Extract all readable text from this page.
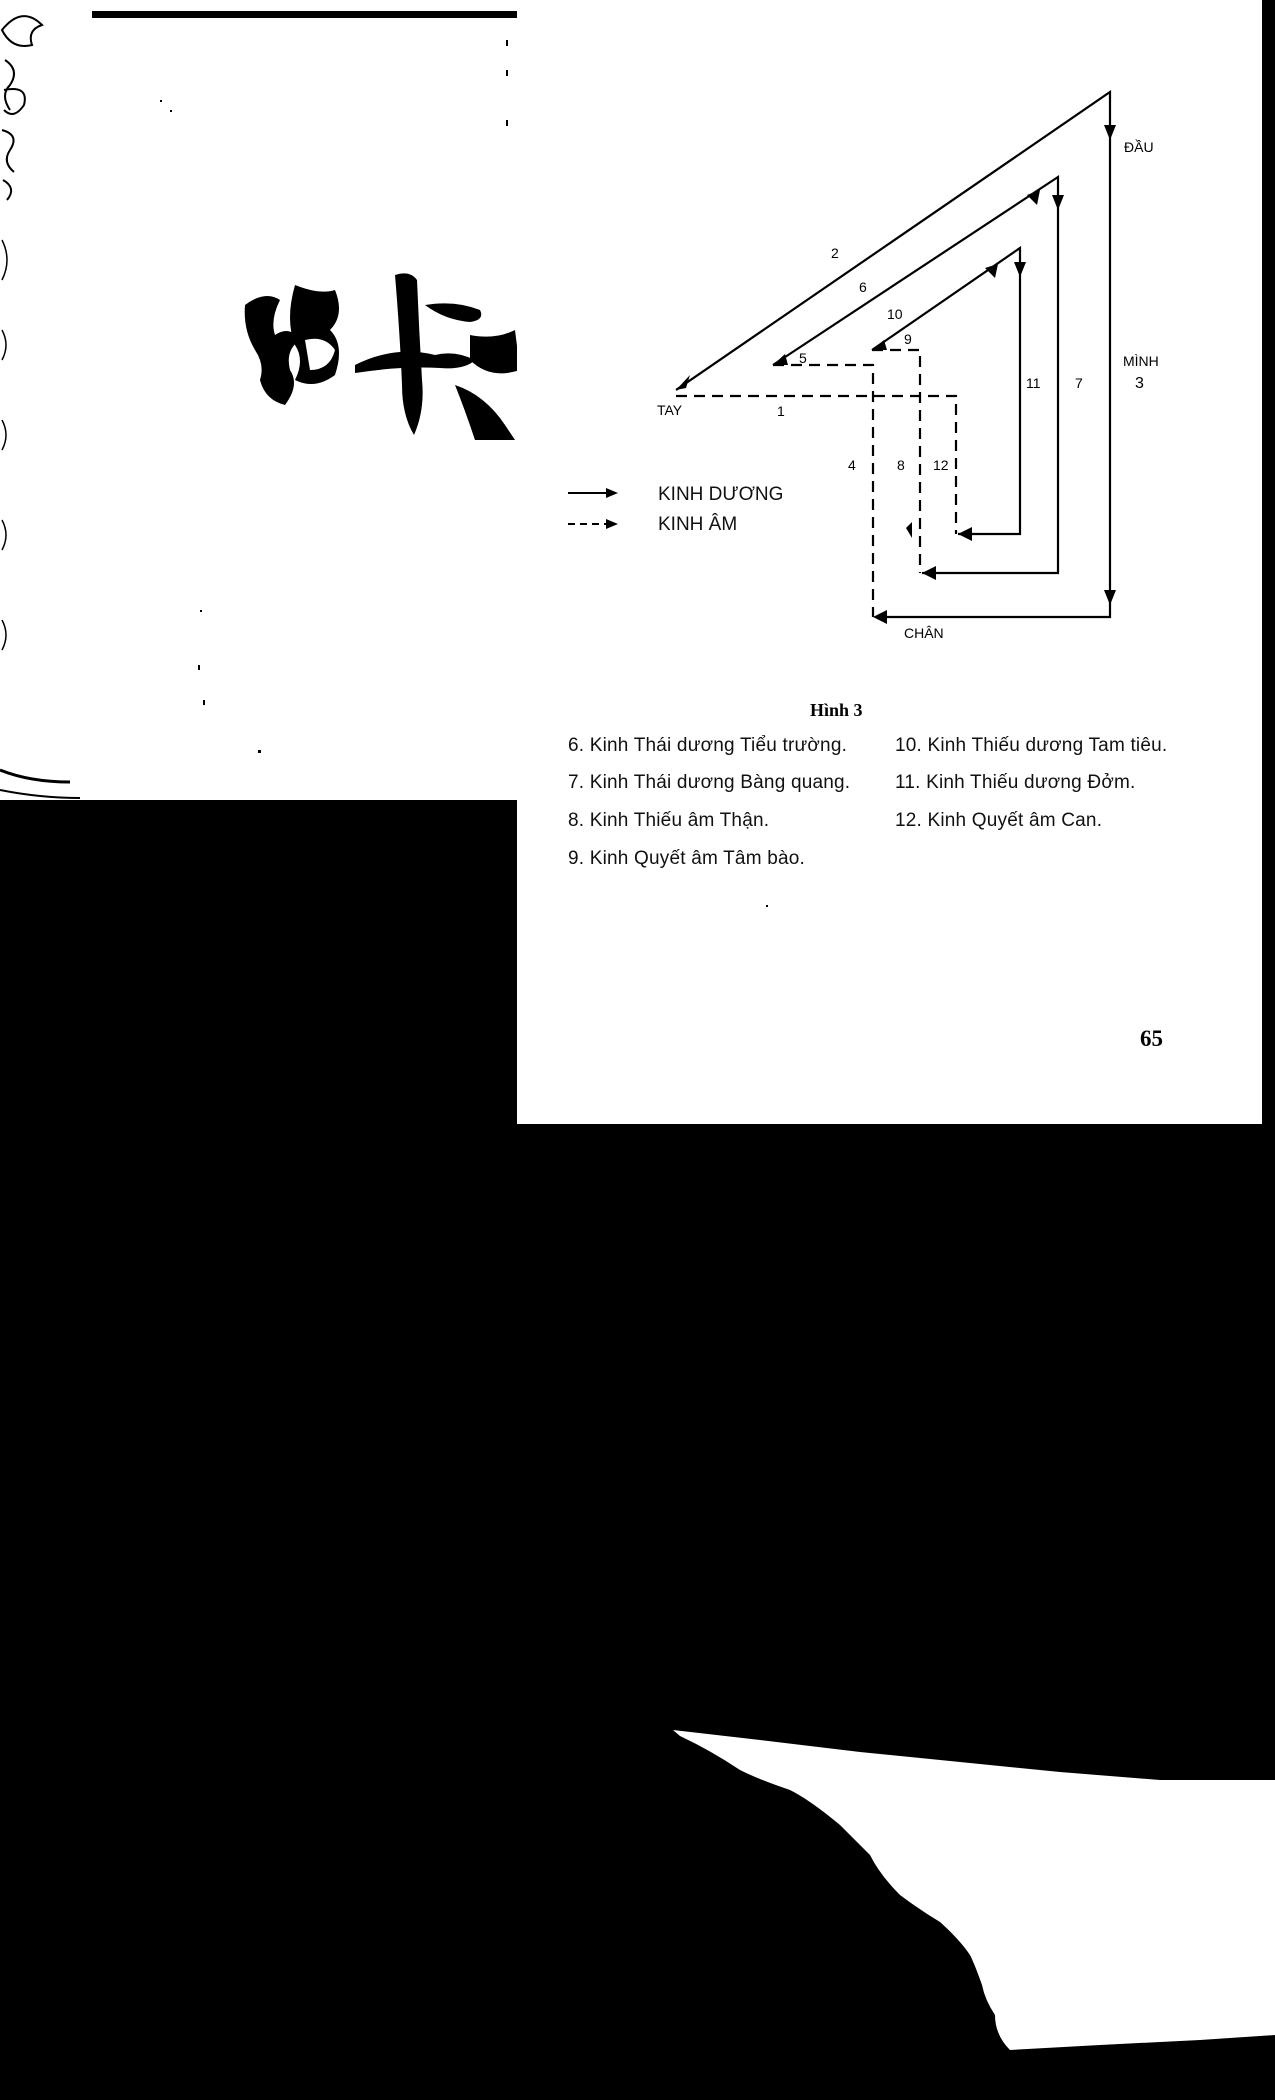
ĐẦU
MÌNH
3
TAY
CHÂN
2
6
10
9
5
1
11 7
4	8 12
KINH DƯƠNG
KINH ÂM
Hình 3
6. Kinh Thái dương Tiểu trường.
7. Kinh Thái dương Bàng quang.
8. Kinh Thiếu âm Thận.
9. Kinh Quyết âm Tâm bào.
10. Kinh Thiếu dương Tam tiêu.
11. Kinh Thiếu dương Đởm.
12. Kinh Quyết âm Can.
65
